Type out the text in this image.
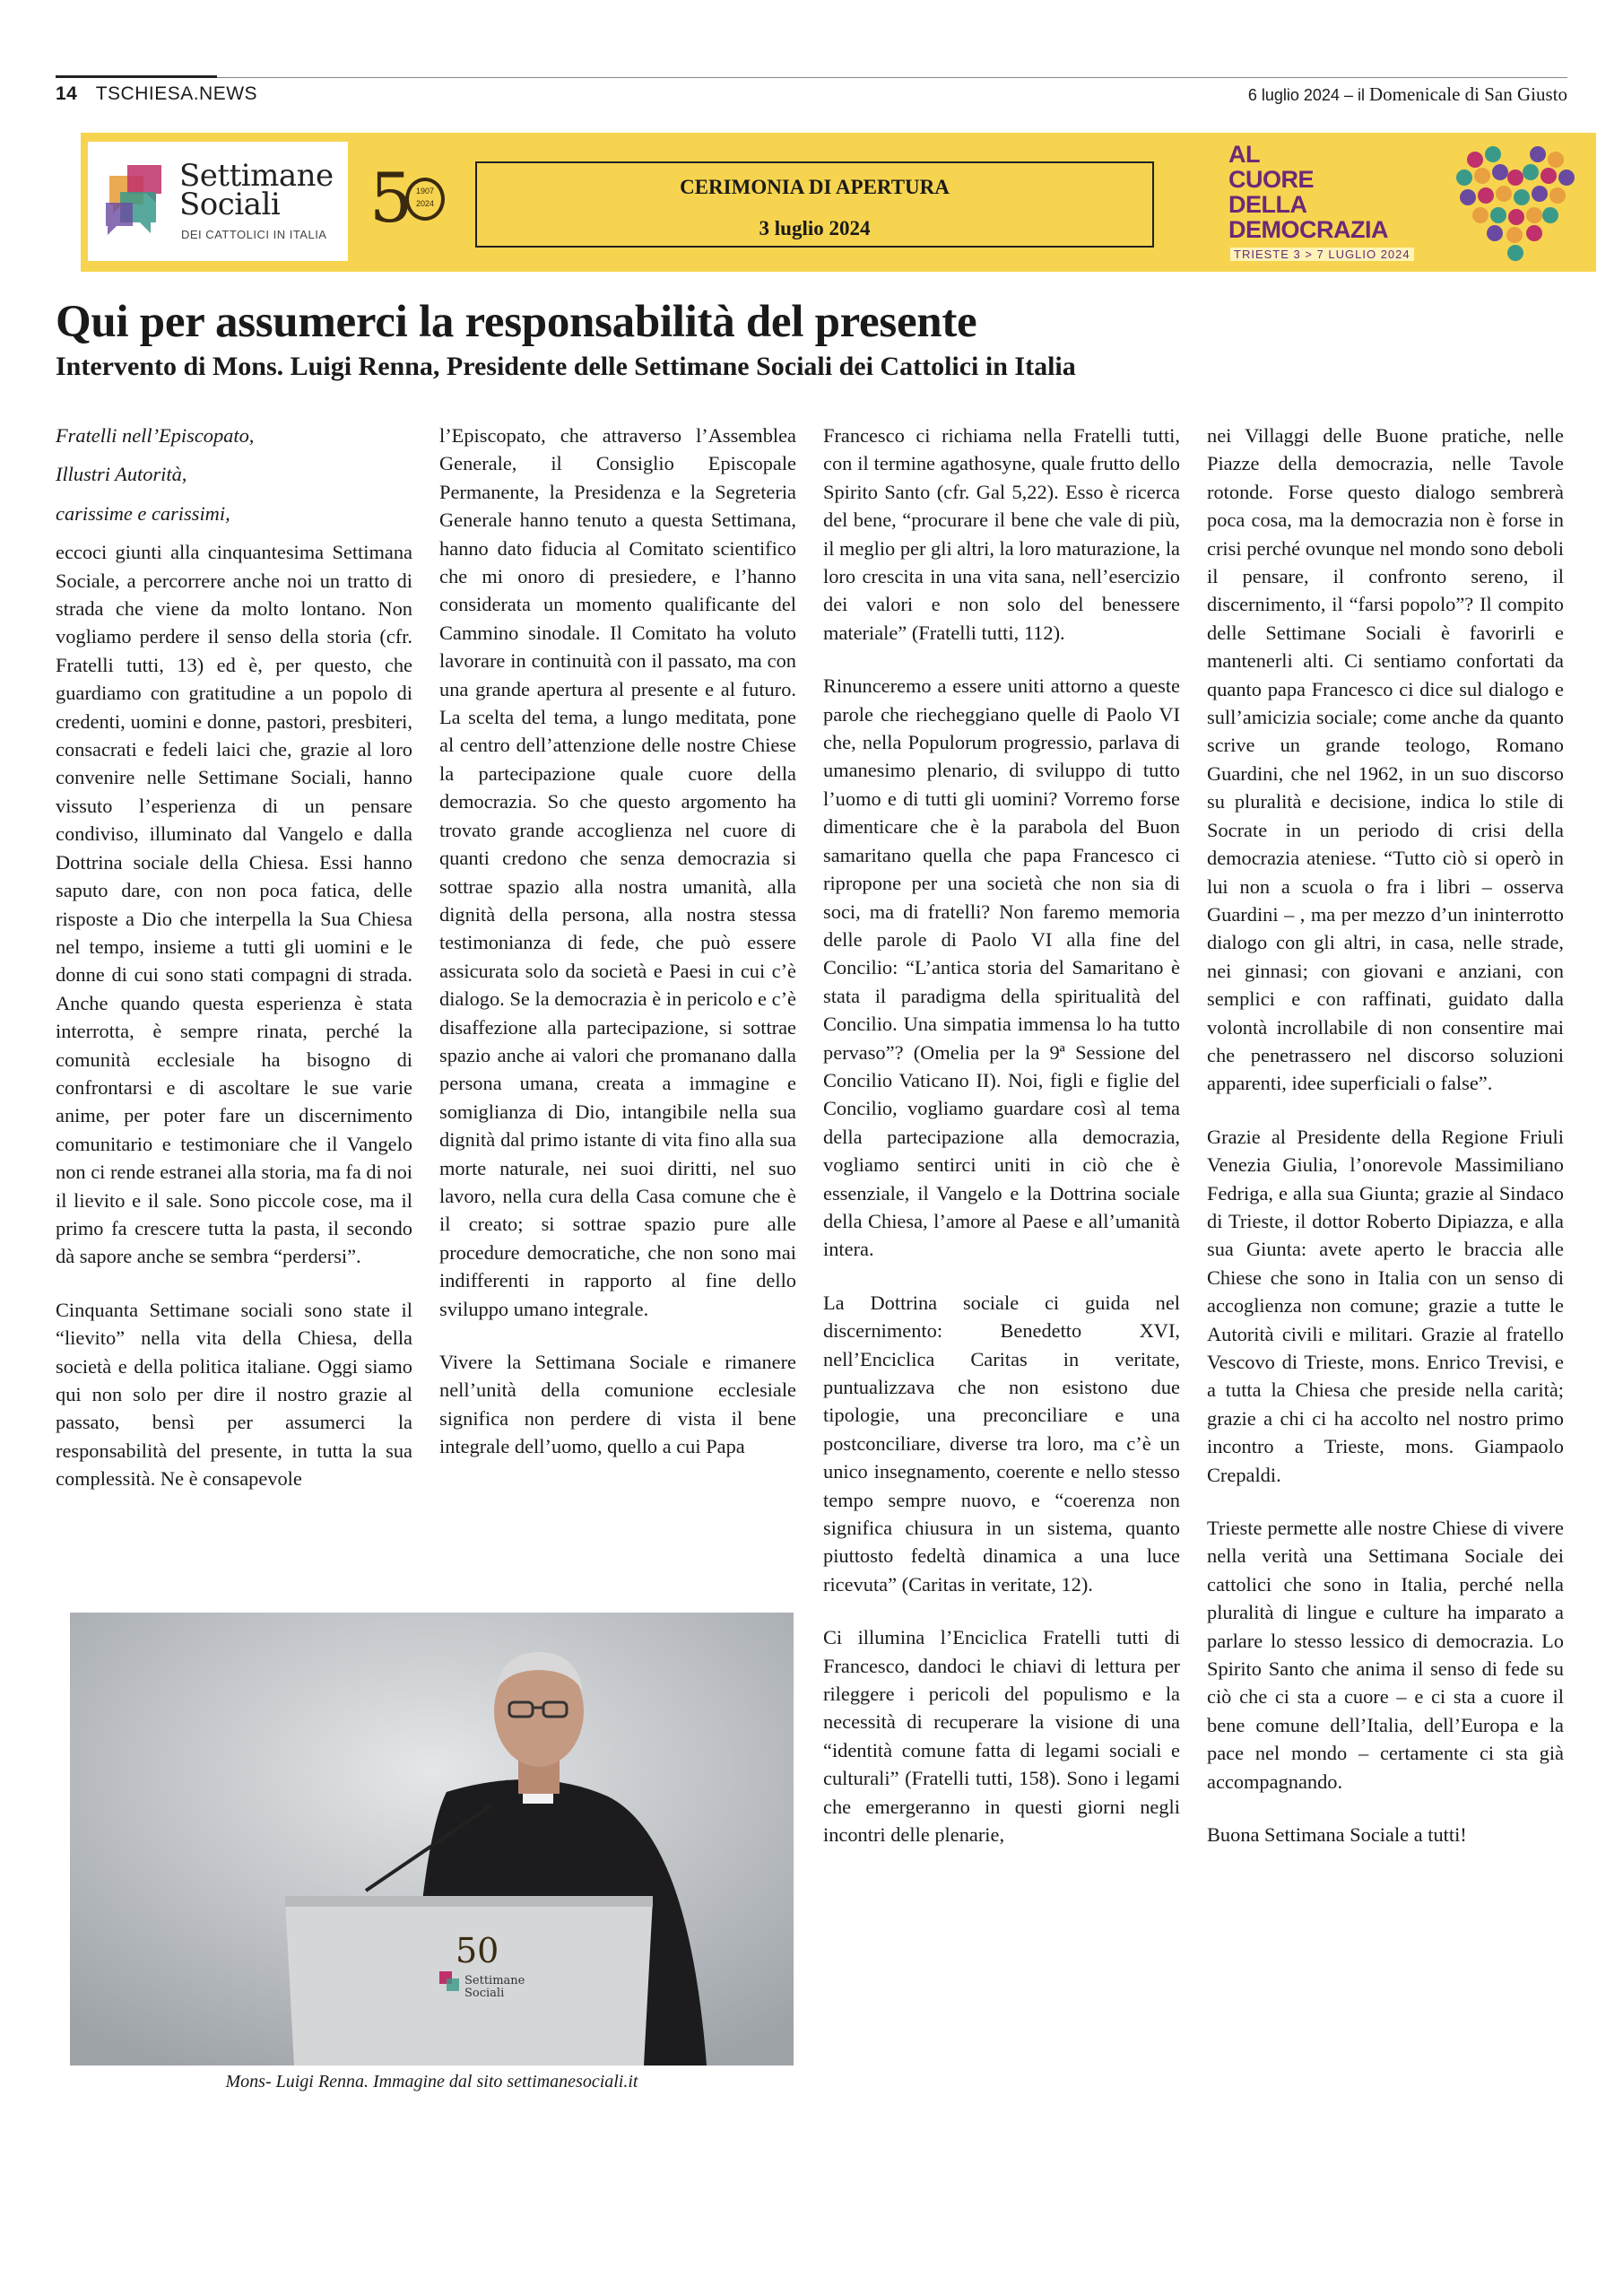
14 TSCHIESA.NEWS	6 luglio 2024 – il Domenicale di San Giusto
Settimane
Sociali
DEI CATTOLICI IN ITALIA 5 1907 2024
CERIMONIA DI APERTURA
3 luglio 2024
AL
CUORE
DELLA
DEMOCRAZIA
TRIESTE 3 > 7 LUGLIO 2024
Qui per assumerci la responsabilità del presente
Intervento di Mons. Luigi Renna, Presidente delle Settimane Sociali dei Cattolici in Italia

Fratelli nell’Episcopato,

Illustri Autorità,

carissime e carissimi,

eccoci giunti alla cinquantesima Settimana Sociale, a percorrere anche noi un tratto di strada che viene da molto lontano. Non vogliamo perdere il senso della storia (cfr. Fratelli tutti, 13) ed è, per questo, che guardiamo con gratitudine a un popolo di credenti, uomini e donne, pastori, presbiteri, consacrati e fedeli laici che, grazie al loro convenire nelle Settimane Sociali, hanno vissuto l’esperienza di un pensare condiviso, illuminato dal Vangelo e dalla Dottrina sociale della Chiesa. Essi hanno saputo dare, con non poca fatica, delle risposte a Dio che interpella la Sua Chiesa nel tempo, insieme a tutti gli uomini e le donne di cui sono stati compagni di strada. Anche quando questa esperienza è stata interrotta, è sempre rinata, perché la comunità ecclesiale ha bisogno di confrontarsi e di ascoltare le sue varie anime, per poter fare un discernimento comunitario e testimoniare che il Vangelo non ci rende estranei alla storia, ma fa di noi il lievito e il sale. Sono piccole cose, ma il primo fa crescere tutta la pasta, il secondo dà sapore anche se sembra “perdersi”.

Cinquanta Settimane sociali sono state il “lievito” nella vita della Chiesa, della società e della politica italiane. Oggi siamo qui non solo per dire il nostro grazie al passato, bensì per assumerci la responsabilità del presente, in tutta la sua complessità. Ne è consapevole

l’Episcopato, che attraverso l’Assemblea Generale, il Consiglio Episcopale Permanente, la Presidenza e la Segreteria Generale hanno tenuto a questa Settimana, hanno dato fiducia al Comitato scientifico che mi onoro di presiedere, e l’hanno considerata un momento qualificante del Cammino sinodale. Il Comitato ha voluto lavorare in continuità con il passato, ma con una grande apertura al presente e al futuro. La scelta del tema, a lungo meditata, pone al centro dell’attenzione delle nostre Chiese la partecipazione quale cuore della democrazia. So che questo argomento ha trovato grande accoglienza nel cuore di quanti credono che senza democrazia si sottrae spazio alla nostra umanità, alla dignità della persona, alla nostra stessa testimonianza di fede, che può essere assicurata solo da società e Paesi in cui c’è dialogo. Se la democrazia è in pericolo e c’è disaffezione alla partecipazione, si sottrae spazio anche ai valori che promanano dalla persona umana, creata a immagine e somiglianza di Dio, intangibile nella sua dignità dal primo istante di vita fino alla sua morte naturale, nei suoi diritti, nel suo lavoro, nella cura della Casa comune che è il creato; si sottrae spazio pure alle procedure democratiche, che non sono mai indifferenti in rapporto al fine dello sviluppo umano integrale.

Vivere la Settimana Sociale e rimanere nell’unità della comunione ecclesiale significa non perdere di vista il bene integrale dell’uomo, quello a cui Papa

Francesco ci richiama nella Fratelli tutti, con il termine agathosyne, quale frutto dello Spirito Santo (cfr. Gal 5,22). Esso è ricerca del bene, “procurare il bene che vale di più, il meglio per gli altri, la loro maturazione, la loro crescita in una vita sana, nell’esercizio dei valori e non solo del benessere materiale” (Fratelli tutti, 112).

Rinunceremo a essere uniti attorno a queste parole che riecheggiano quelle di Paolo VI che, nella Populorum progressio, parlava di umanesimo plenario, di sviluppo di tutto l’uomo e di tutti gli uomini? Vorremo forse dimenticare che è la parabola del Buon samaritano quella che papa Francesco ci ripropone per una società che non sia di soci, ma di fratelli? Non faremo memoria delle parole di Paolo VI alla fine del Concilio: “L’antica storia del Samaritano è stata il paradigma della spiritualità del Concilio. Una simpatia immensa lo ha tutto pervaso”? (Omelia per la 9ª Sessione del Concilio Vaticano II). Noi, figli e figlie del Concilio, vogliamo guardare così al tema della partecipazione alla democrazia, vogliamo sentirci uniti in ciò che è essenziale, il Vangelo e la Dottrina sociale della Chiesa, l’amore al Paese e all’umanità intera.

La Dottrina sociale ci guida nel discernimento: Benedetto XVI, nell’Enciclica Caritas in veritate, puntualizzava che non esistono due tipologie, una preconciliare e una postconciliare, diverse tra loro, ma c’è un unico insegnamento, coerente e nello stesso tempo sempre nuovo, e “coerenza non significa chiusura in un sistema, quanto piuttosto fedeltà dinamica a una luce ricevuta” (Caritas in veritate, 12).

Ci illumina l’Enciclica Fratelli tutti di Francesco, dandoci le chiavi di lettura per rileggere i pericoli del populismo e la necessità di recuperare la visione di una “identità comune fatta di legami sociali e culturali” (Fratelli tutti, 158). Sono i legami che emergeranno in questi giorni negli incontri delle plenarie,

nei Villaggi delle Buone pratiche, nelle Piazze della democrazia, nelle Tavole rotonde. Forse questo dialogo sembrerà poca cosa, ma la democrazia non è forse in crisi perché ovunque nel mondo sono deboli il pensare, il confronto sereno, il discernimento, il “farsi popolo”? Il compito delle Settimane Sociali è favorirli e mantenerli alti. Ci sentiamo confortati da quanto papa Francesco ci dice sul dialogo e sull’amicizia sociale; come anche da quanto scrive un grande teologo, Romano Guardini, che nel 1962, in un suo discorso su pluralità e decisione, indica lo stile di Socrate in un periodo di crisi della democrazia ateniese. “Tutto ciò si operò in lui non a scuola o fra i libri – osserva Guardini – , ma per mezzo d’un ininterrotto dialogo con gli altri, in casa, nelle strade, nei ginnasi; con giovani e anziani, con semplici e con raffinati, guidato dalla volontà incrollabile di non consentire mai che penetrassero nel discorso soluzioni apparenti, idee superficiali o false”.

Grazie al Presidente della Regione Friuli Venezia Giulia, l’onorevole Massimiliano Fedriga, e alla sua Giunta; grazie al Sindaco di Trieste, il dottor Roberto Dipiazza, e alla sua Giunta: avete aperto le braccia alle Chiese che sono in Italia con un senso di accoglienza non comune; grazie a tutte le Autorità civili e militari. Grazie al fratello Vescovo di Trieste, mons. Enrico Trevisi, e a tutta la Chiesa che preside nella carità; grazie a chi ci ha accolto nel nostro primo incontro a Trieste, mons. Giampaolo Crepaldi.

Trieste permette alle nostre Chiese di vivere nella verità una Settimana Sociale dei cattolici che sono in Italia, perché nella pluralità di lingue e culture ha imparato a parlare lo stesso lessico di democrazia. Lo Spirito Santo che anima il senso di fede su ciò che ci sta a cuore – e ci sta a cuore il bene comune dell’Italia, dell’Europa e la pace nel mondo – certamente ci sta già accompagnando.

Buona Settimana Sociale a tutti!

50
Settimane
Sociali
Mons- Luigi Renna. Immagine dal sito settimanesociali.it
